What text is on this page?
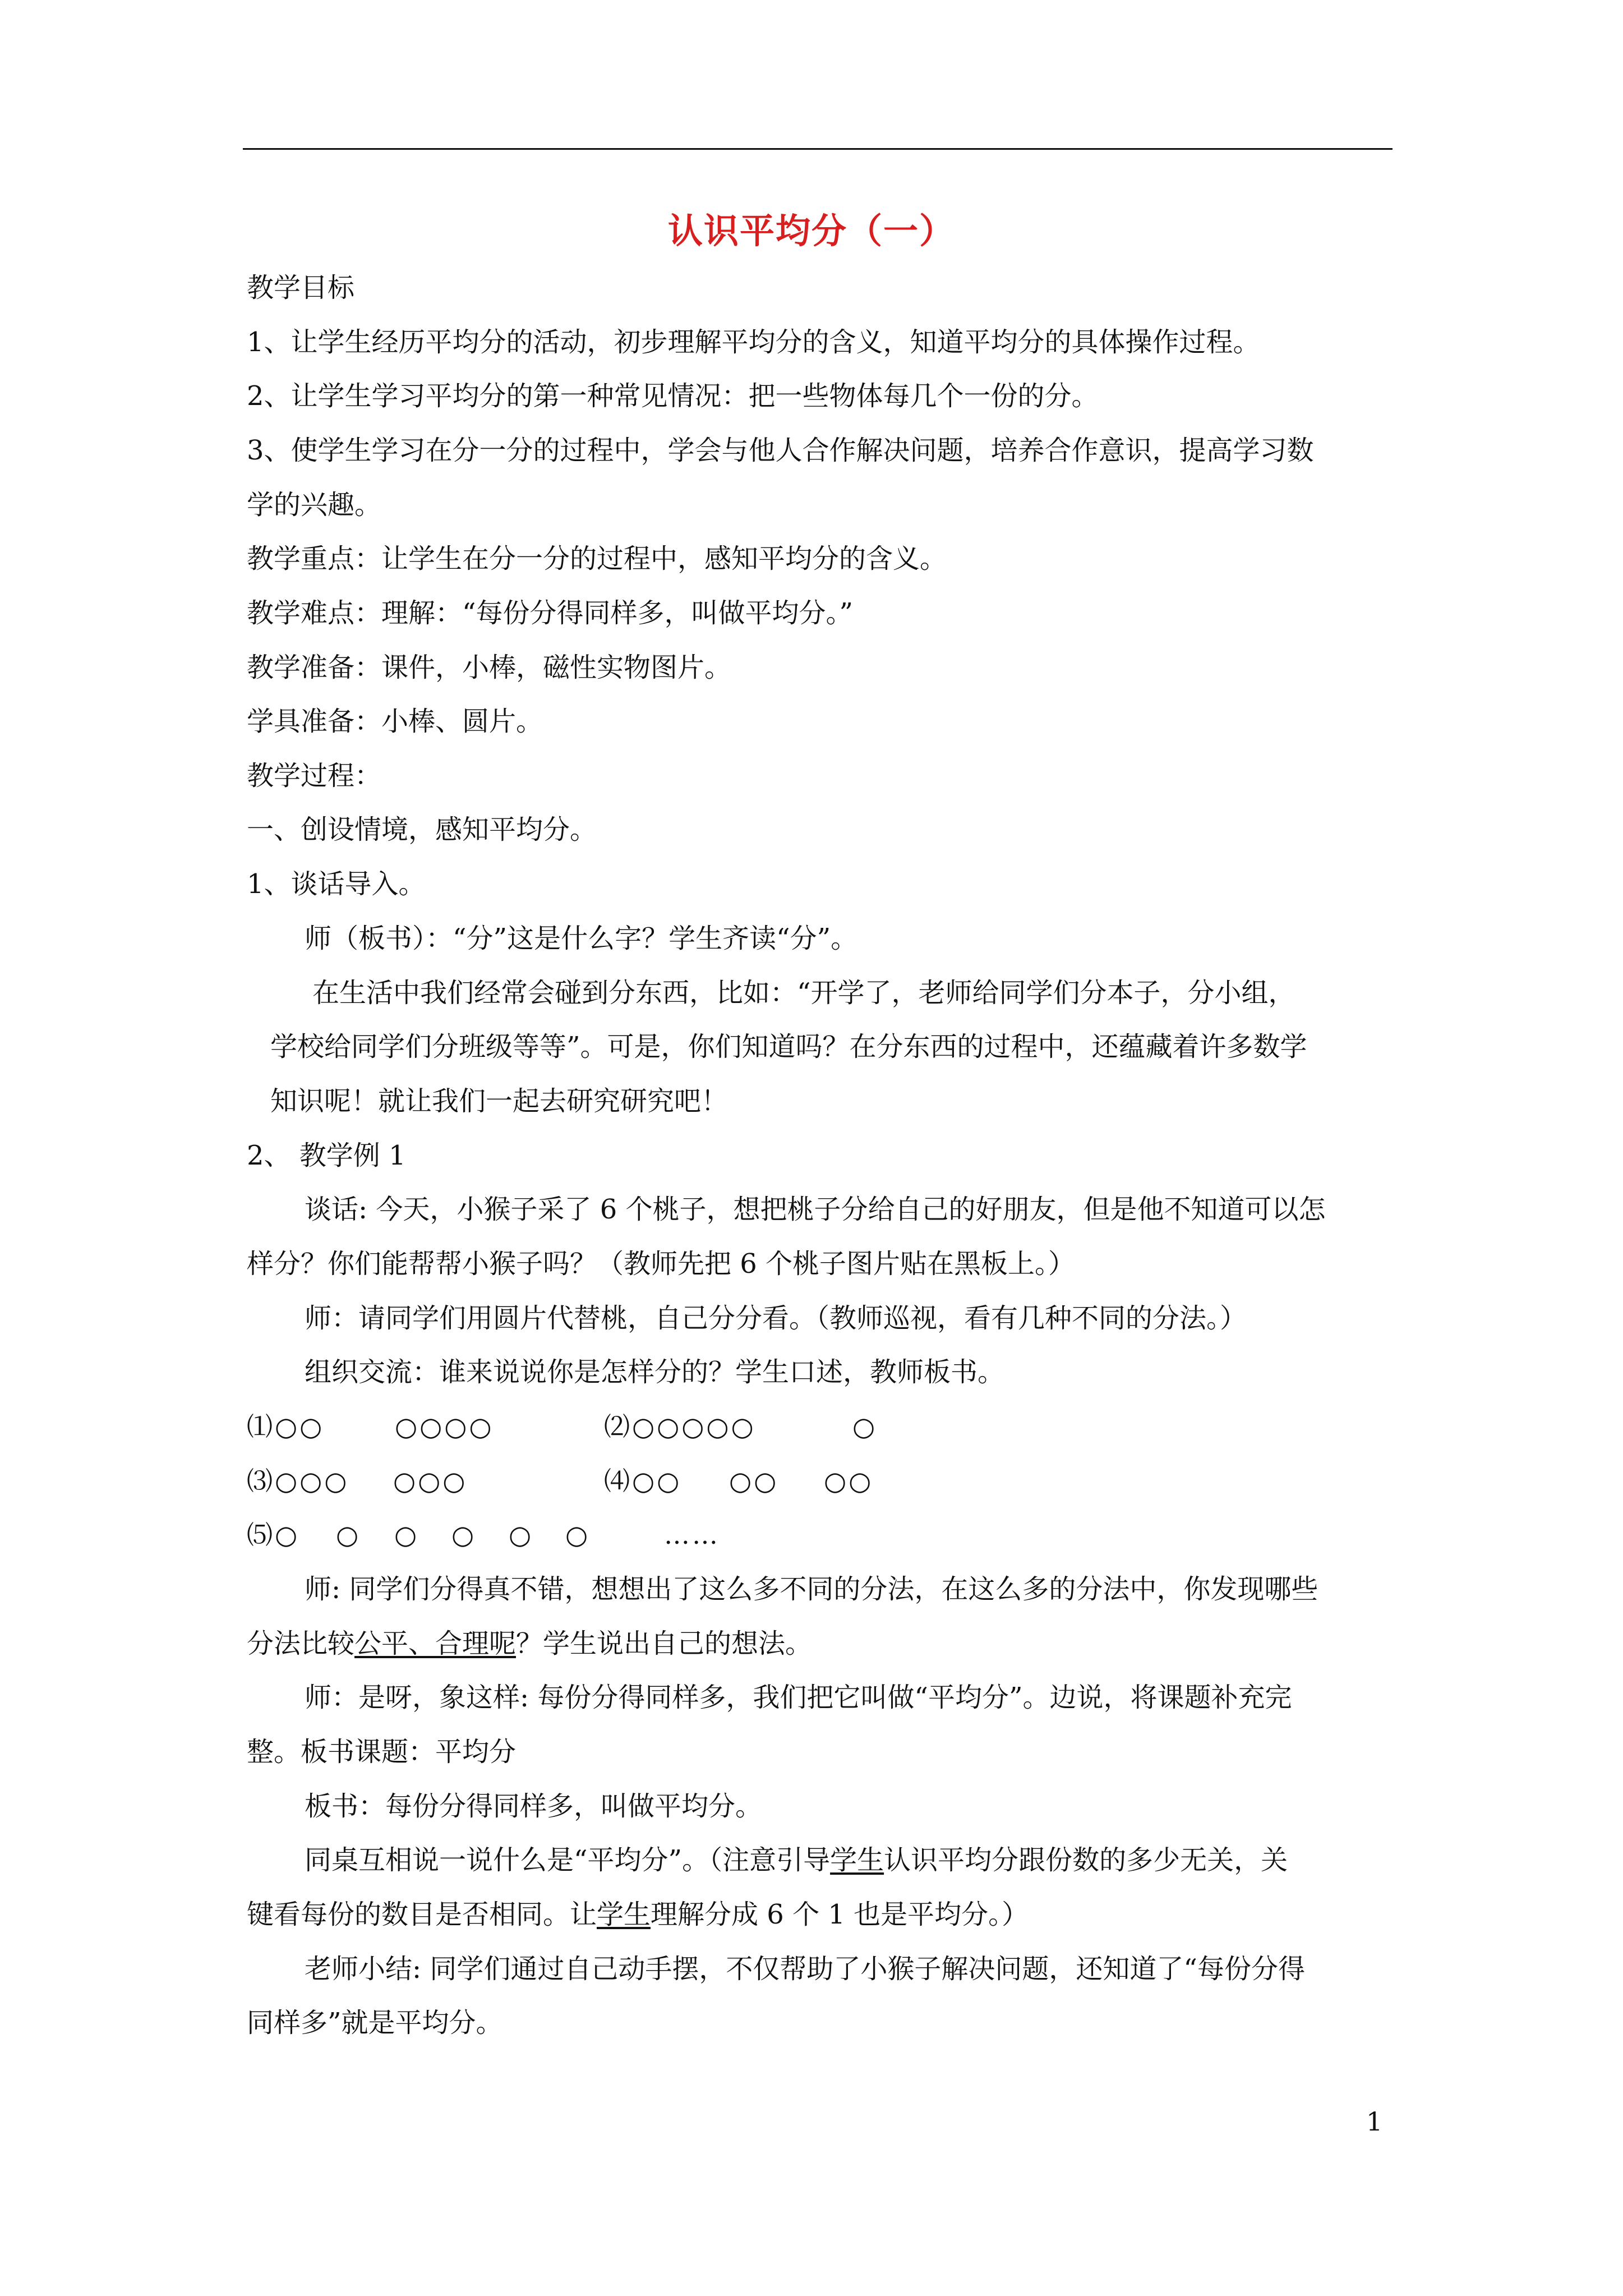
认识平均分（一）
教学目标
1、让学生经历平均分的活动，初步理解平均分的含义，知道平均分的具体操作过程。
2、让学生学习平均分的第一种常见情况：把一些物体每几个一份的分。
3、使学生学习在分一分的过程中，学会与他人合作解决问题，培养合作意识，提高学习数
学的兴趣。
教学重点：让学生在分一分的过程中，感知平均分的含义。
教学难点：理解：“每份分得同样多，叫做平均分。”
教学准备：课件，小棒，磁性实物图片。
学具准备：小棒、圆片。
教学过程：
一、创设情境，感知平均分。
1、谈话导入。
师（板书）：“分”这是什么字？学生齐读“分”。
在生活中我们经常会碰到分东西，比如：“开学了，老师给同学们分本子，分小组，
学校给同学们分班级等等”。可是，你们知道吗？在分东西的过程中，还蕴藏着许多数学
知识呢！就让我们一起去研究研究吧！
2、 教学例 1
谈话: 今天，小猴子采了 6 个桃子，想把桃子分给自己的好朋友，但是他不知道可以怎
样分？你们能帮帮小猴子吗？（教师先把 6 个桃子图片贴在黑板上。）
师：请同学们用圆片代替桃，自己分分看。（教师巡视，看有几种不同的分法。）
组织交流：谁来说说你是怎样分的？学生口述，教师板书。
⑴○○	○○○○	⑵○○○○○	○
⑶○○○ ○○○	⑷○○ ○○ ○○
⑸○ ○ ○ ○ ○ ○	……
师: 同学们分得真不错，想想出了这么多不同的分法，在这么多的分法中，你发现哪些
分法比较公平、合理呢？学生说出自己的想法。
师：是呀，象这样: 每份分得同样多，我们把它叫做“平均分”。边说，将课题补充完
整。板书课题：平均分
板书：每份分得同样多，叫做平均分。
同桌互相说一说什么是“平均分”。（注意引导学生认识平均分跟份数的多少无关，关
键看每份的数目是否相同。让学生理解分成 6 个 1 也是平均分。）
老师小结: 同学们通过自己动手摆，不仅帮助了小猴子解决问题，还知道了“每份分得
同样多”就是平均分。
1
